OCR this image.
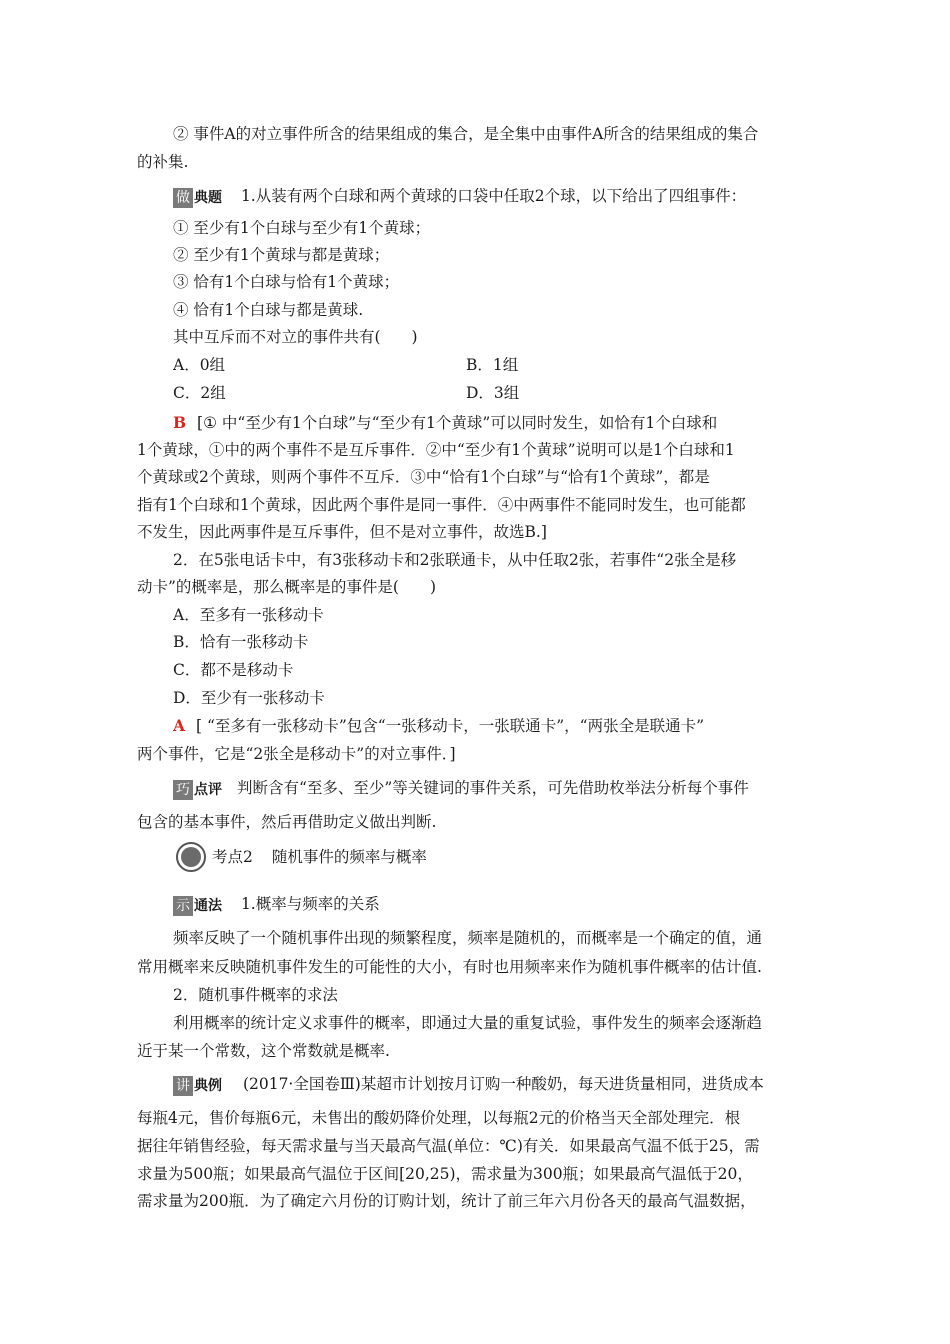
② 事件A的对立事件所含的结果组成的集合，是全集中由事件A所含的结果组成的集合
的补集.
做 典题 1.从装有两个白球和两个黄球的口袋中任取2个球，以下给出了四组事件：
① 至少有1个白球与至少有1个黄球；
② 至少有1个黄球与都是黄球；
③ 恰有1个白球与恰有1个黄球；
④ 恰有1个白球与都是黄球.
其中互斥而不对立的事件共有(　　)
A．0组	B．1组
C．2组	D．3组
B [① 中“至少有1个白球”与“至少有1个黄球”可以同时发生，如恰有1个白球和
1个黄球，①中的两个事件不是互斥事件．②中“至少有1个黄球”说明可以是1个白球和1
个黄球或2个黄球，则两个事件不互斥．③中“恰有1个白球”与“恰有1个黄球”，都是
指有1个白球和1个黄球，因此两个事件是同一事件．④中两事件不能同时发生，也可能都
不发生，因此两事件是互斥事件，但不是对立事件，故选B.]
2．在5张电话卡中，有3张移动卡和2张联通卡，从中任取2张，若事件“2张全是移
动卡”的概率是，那么概率是的事件是(　　)
A．至多有一张移动卡
B．恰有一张移动卡
C．都不是移动卡
D．至少有一张移动卡
A [ “至多有一张移动卡”包含“一张移动卡，一张联通卡”，“两张全是联通卡”
两个事件，它是“2张全是移动卡”的对立事件．]
巧 点评 判断含有“至多、至少”等关键词的事件关系，可先借助枚举法分析每个事件
包含的基本事件，然后再借助定义做出判断.
考点2 随机事件的频率与概率
示 通法 1.概率与频率的关系
频率反映了一个随机事件出现的频繁程度，频率是随机的，而概率是一个确定的值，通
常用概率来反映随机事件发生的可能性的大小，有时也用频率来作为随机事件概率的估计值.
2．随机事件概率的求法
利用概率的统计定义求事件的概率，即通过大量的重复试验，事件发生的频率会逐渐趋
近于某一个常数，这个常数就是概率.
讲 典例 (2017·全国卷Ⅲ)某超市计划按月订购一种酸奶，每天进货量相同，进货成本
每瓶4元，售价每瓶6元，未售出的酸奶降价处理，以每瓶2元的价格当天全部处理完．根
据往年销售经验，每天需求量与当天最高气温(单位：℃)有关．如果最高气温不低于25，需
求量为500瓶；如果最高气温位于区间[20,25)，需求量为300瓶；如果最高气温低于20，
需求量为200瓶．为了确定六月份的订购计划，统计了前三年六月份各天的最高气温数据，
